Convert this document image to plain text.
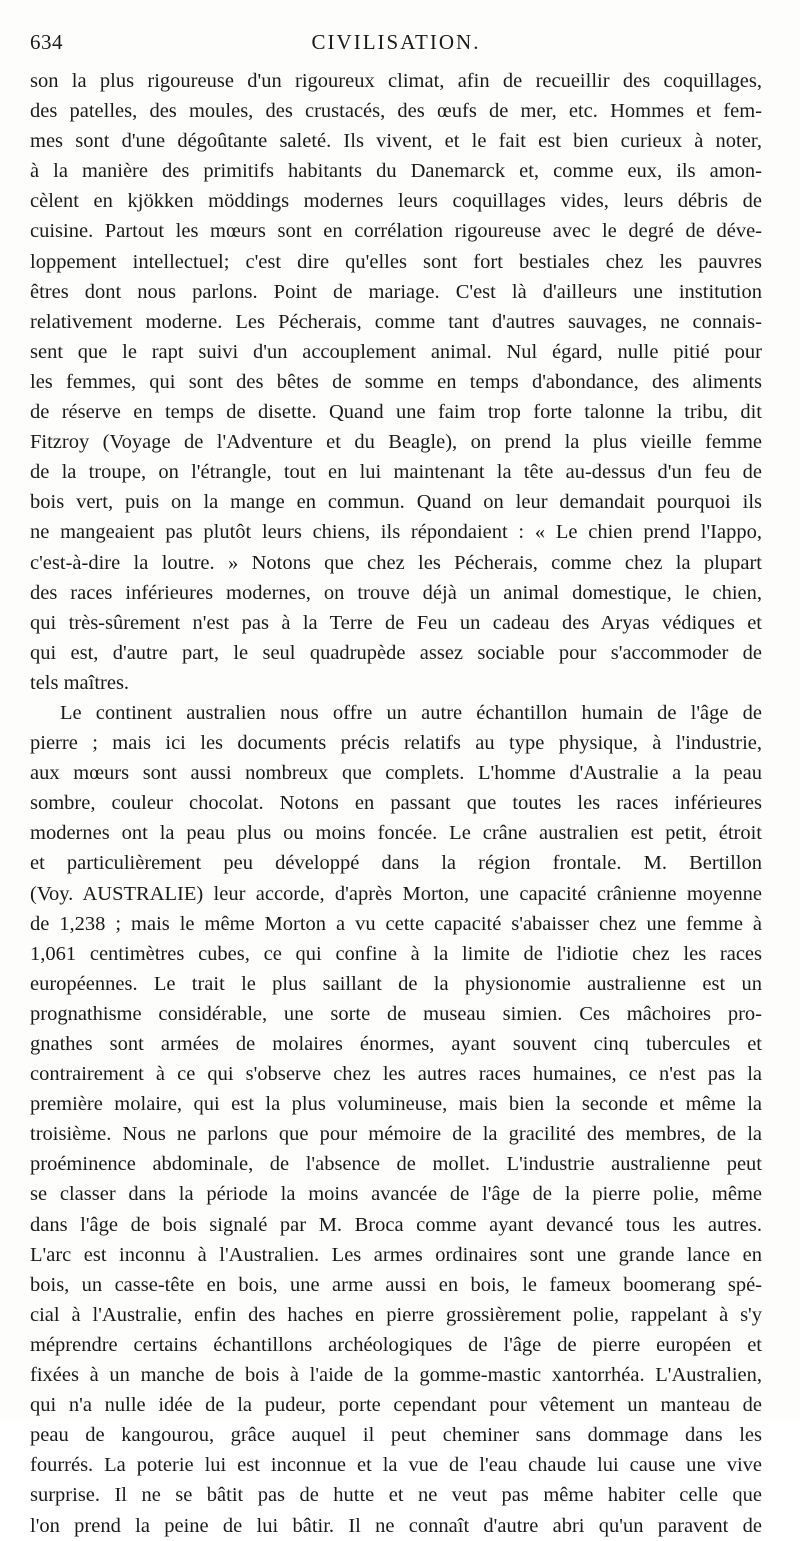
634	CIVILISATION.
son la plus rigoureuse d'un rigoureux climat, afin de recueillir des coquillages,
des patelles, des moules, des crustacés, des œufs de mer, etc. Hommes et fem-
mes sont d'une dégoûtante saleté. Ils vivent, et le fait est bien curieux à noter,
à la manière des primitifs habitants du Danemarck et, comme eux, ils amon-
cèlent en kjökken möddings modernes leurs coquillages vides, leurs débris de
cuisine. Partout les mœurs sont en corrélation rigoureuse avec le degré de déve-
loppement intellectuel; c'est dire qu'elles sont fort bestiales chez les pauvres
êtres dont nous parlons. Point de mariage. C'est là d'ailleurs une institution
relativement moderne. Les Pécherais, comme tant d'autres sauvages, ne connais-
sent que le rapt suivi d'un accouplement animal. Nul égard, nulle pitié pour
les femmes, qui sont des bêtes de somme en temps d'abondance, des aliments
de réserve en temps de disette. Quand une faim trop forte talonne la tribu, dit
Fitzroy (Voyage de l'Adventure et du Beagle), on prend la plus vieille femme
de la troupe, on l'étrangle, tout en lui maintenant la tête au-dessus d'un feu de
bois vert, puis on la mange en commun. Quand on leur demandait pourquoi ils
ne mangeaient pas plutôt leurs chiens, ils répondaient : « Le chien prend l'Iappo,
c'est-à-dire la loutre. » Notons que chez les Pécherais, comme chez la plupart
des races inférieures modernes, on trouve déjà un animal domestique, le chien,
qui très-sûrement n'est pas à la Terre de Feu un cadeau des Aryas védiques et
qui est, d'autre part, le seul quadrupède assez sociable pour s'accommoder de
tels maîtres.
Le continent australien nous offre un autre échantillon humain de l'âge de
pierre ; mais ici les documents précis relatifs au type physique, à l'industrie,
aux mœurs sont aussi nombreux que complets. L'homme d'Australie a la peau
sombre, couleur chocolat. Notons en passant que toutes les races inférieures
modernes ont la peau plus ou moins foncée. Le crâne australien est petit, étroit
et particulièrement peu développé dans la région frontale. M. Bertillon
(Voy. AUSTRALIE) leur accorde, d'après Morton, une capacité crânienne moyenne
de 1,238 ; mais le même Morton a vu cette capacité s'abaisser chez une femme à
1,061 centimètres cubes, ce qui confine à la limite de l'idiotie chez les races
européennes. Le trait le plus saillant de la physionomie australienne est un
prognathisme considérable, une sorte de museau simien. Ces mâchoires pro-
gnathes sont armées de molaires énormes, ayant souvent cinq tubercules et
contrairement à ce qui s'observe chez les autres races humaines, ce n'est pas la
première molaire, qui est la plus volumineuse, mais bien la seconde et même la
troisième. Nous ne parlons que pour mémoire de la gracilité des membres, de la
proéminence abdominale, de l'absence de mollet. L'industrie australienne peut
se classer dans la période la moins avancée de l'âge de la pierre polie, même
dans l'âge de bois signalé par M. Broca comme ayant devancé tous les autres.
L'arc est inconnu à l'Australien. Les armes ordinaires sont une grande lance en
bois, un casse-tête en bois, une arme aussi en bois, le fameux boomerang spé-
cial à l'Australie, enfin des haches en pierre grossièrement polie, rappelant à s'y
méprendre certains échantillons archéologiques de l'âge de pierre européen et
fixées à un manche de bois à l'aide de la gomme-mastic xantorrhéa. L'Australien,
qui n'a nulle idée de la pudeur, porte cependant pour vêtement un manteau de
peau de kangourou, grâce auquel il peut cheminer sans dommage dans les
fourrés. La poterie lui est inconnue et la vue de l'eau chaude lui cause une vive
surprise. Il ne se bâtit pas de hutte et ne veut pas même habiter celle que
l'on prend la peine de lui bâtir. Il ne connaît d'autre abri qu'un paravent de
